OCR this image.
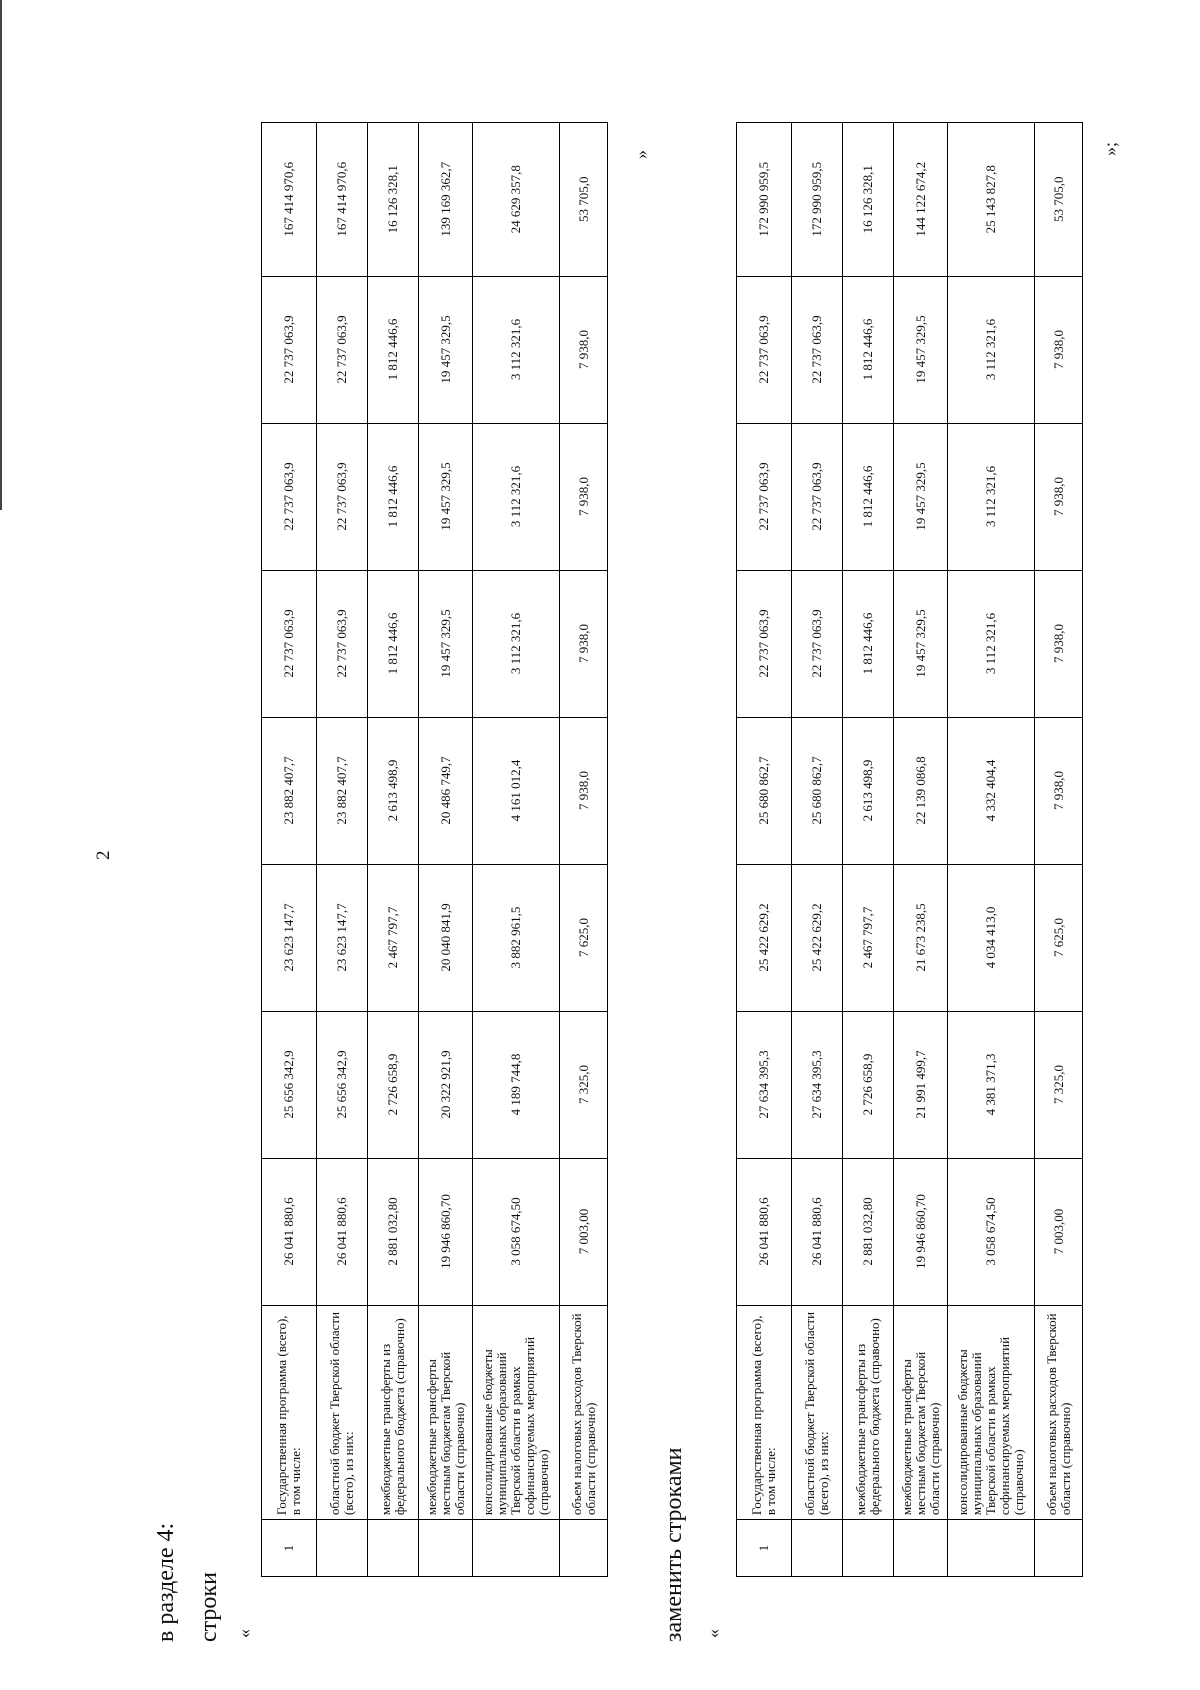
2
в разделе 4: строки «
1	Государственная программа (всего), в том числе:	26 041 880,6	25 656 342,9	23 623 147,7	23 882 407,7	22 737 063,9	22 737 063,9	22 737 063,9	167 414 970,6
	областной бюджет Тверской области (всего), из них:	26 041 880,6	25 656 342,9	23 623 147,7	23 882 407,7	22 737 063,9	22 737 063,9	22 737 063,9	167 414 970,6
	межбюджетные трансферты из федерального бюджета (справочно)	2 881 032,80	2 726 658,9	2 467 797,7	2 613 498,9	1 812 446,6	1 812 446,6	1 812 446,6	16 126 328,1
	межбюджетные трансферты местным бюджетам Тверской области (справочно)	19 946 860,70	20 322 921,9	20 040 841,9	20 486 749,7	19 457 329,5	19 457 329,5	19 457 329,5	139 169 362,7
	консолидированные бюджеты муниципальных образований Тверской области в рамках софинансируемых мероприятий (справочно)	3 058 674,50	4 189 744,8	3 882 961,5	4 161 012,4	3 112 321,6	3 112 321,6	3 112 321,6	24 629 357,8
	объем налоговых расходов Тверской области (справочно)	7 003,00	7 325,0	7 625,0	7 938,0	7 938,0	7 938,0	7 938,0	53 705,0
»
заменить строками «
1	Государственная программа (всего), в том числе:	26 041 880,6	27 634 395,3	25 422 629,2	25 680 862,7	22 737 063,9	22 737 063,9	22 737 063,9	172 990 959,5
	областной бюджет Тверской области (всего), из них:	26 041 880,6	27 634 395,3	25 422 629,2	25 680 862,7	22 737 063,9	22 737 063,9	22 737 063,9	172 990 959,5
	межбюджетные трансферты из федерального бюджета (справочно)	2 881 032,80	2 726 658,9	2 467 797,7	2 613 498,9	1 812 446,6	1 812 446,6	1 812 446,6	16 126 328,1
	межбюджетные трансферты местным бюджетам Тверской области (справочно)	19 946 860,70	21 991 499,7	21 673 238,5	22 139 086,8	19 457 329,5	19 457 329,5	19 457 329,5	144 122 674,2
	консолидированные бюджеты муниципальных образований Тверской области в рамках софинансируемых мероприятий (справочно)	3 058 674,50	4 381 371,3	4 034 413,0	4 332 404,4	3 112 321,6	3 112 321,6	3 112 321,6	25 143 827,8
	объем налоговых расходов Тверской области (справочно)	7 003,00	7 325,0	7 625,0	7 938,0	7 938,0	7 938,0	7 938,0	53 705,0
»;
